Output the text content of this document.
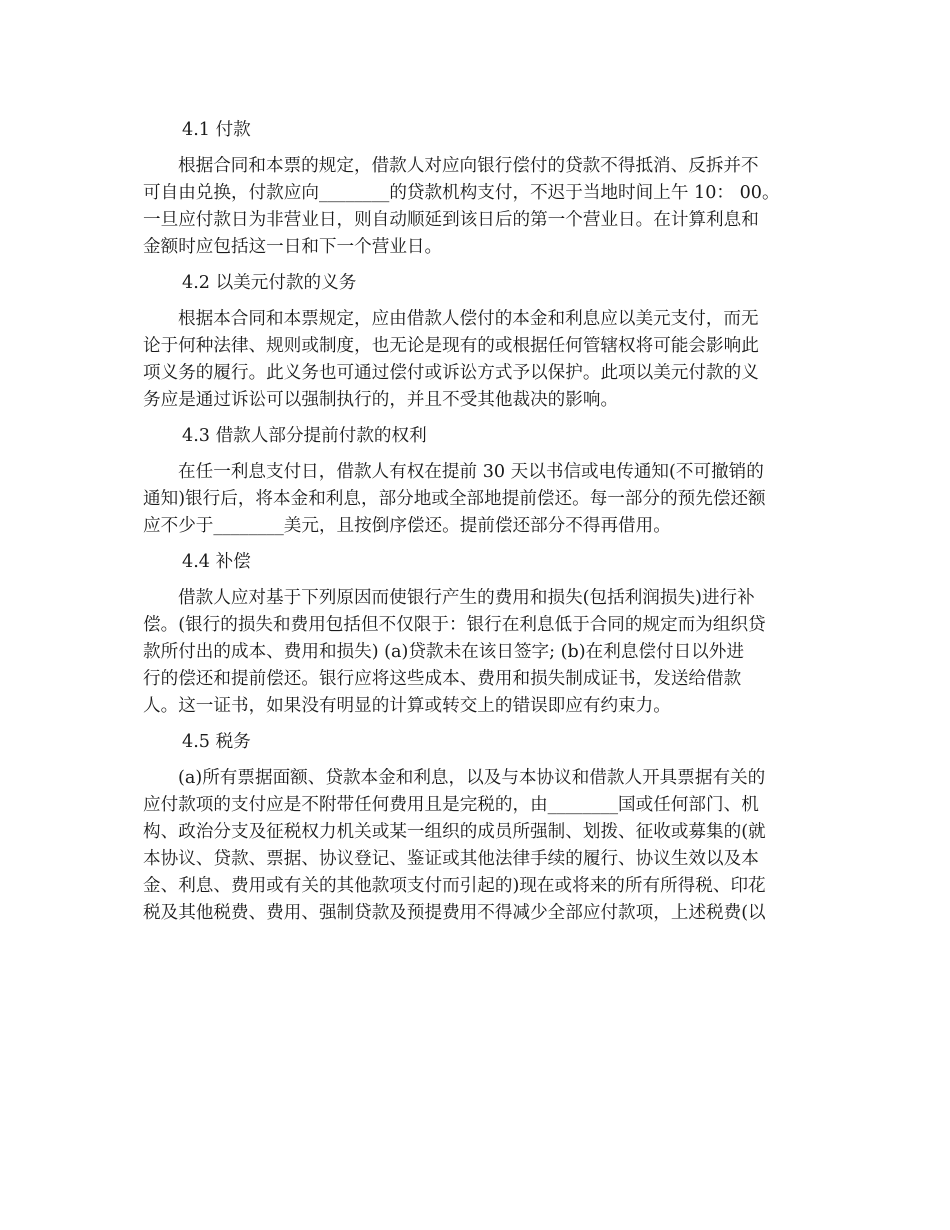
4.1 付款
根据合同和本票的规定，借款人对应向银行偿付的贷款不得抵消、反拆并不
可自由兑换，付款应向________的贷款机构支付，不迟于当地时间上午 10： 00。
一旦应付款日为非营业日，则自动顺延到该日后的第一个营业日。在计算利息和
金额时应包括这一日和下一个营业日。
4.2 以美元付款的义务
根据本合同和本票规定，应由借款人偿付的本金和利息应以美元支付，而无
论于何种法律、规则或制度，也无论是现有的或根据任何管辖权将可能会影响此
项义务的履行。此义务也可通过偿付或诉讼方式予以保护。此项以美元付款的义
务应是通过诉讼可以强制执行的，并且不受其他裁决的影响。
4.3 借款人部分提前付款的权利
在任一利息支付日，借款人有权在提前 30 天以书信或电传通知(不可撤销的
通知)银行后，将本金和利息，部分地或全部地提前偿还。每一部分的预先偿还额
应不少于________美元，且按倒序偿还。提前偿还部分不得再借用。
4.4 补偿
借款人应对基于下列原因而使银行产生的费用和损失(包括利润损失)进行补
偿。(银行的损失和费用包括但不仅限于：银行在利息低于合同的规定而为组织贷
款所付出的成本、费用和损失) (a)贷款未在该日签字; (b)在利息偿付日以外进
行的偿还和提前偿还。银行应将这些成本、费用和损失制成证书，发送给借款
人。这一证书，如果没有明显的计算或转交上的错误即应有约束力。
4.5 税务
(a)所有票据面额、贷款本金和利息，以及与本协议和借款人开具票据有关的
应付款项的支付应是不附带任何费用且是完税的，由________国或任何部门、机
构、政治分支及征税权力机关或某一组织的成员所强制、划拨、征收或募集的(就
本协议、贷款、票据、协议登记、鉴证或其他法律手续的履行、协议生效以及本
金、利息、费用或有关的其他款项支付而引起的)现在或将来的所有所得税、印花
税及其他税费、费用、强制贷款及预提费用不得减少全部应付款项，上述税费(以
